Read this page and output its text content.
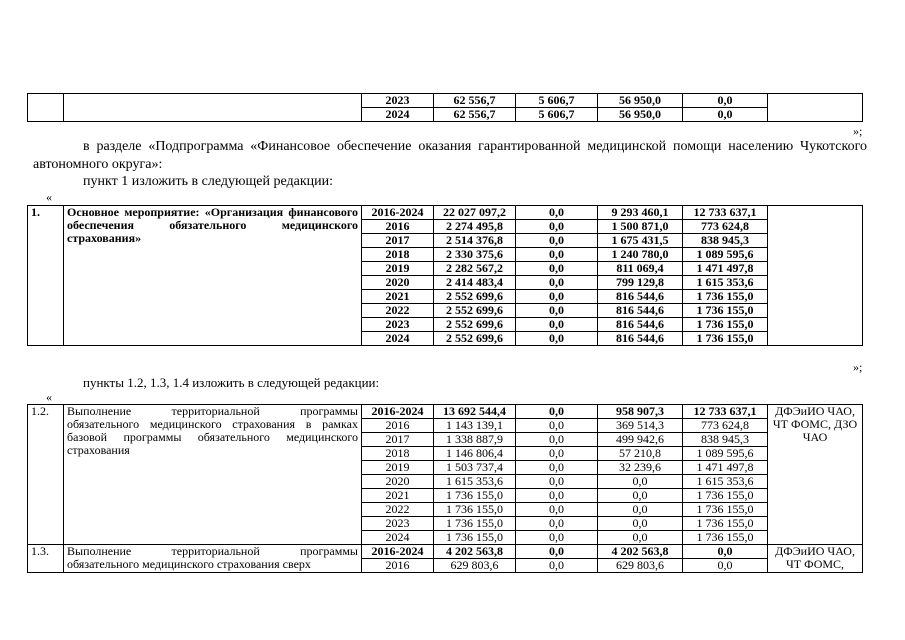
		2023	62 556,7	5 606,7	56 950,0	0,0	
		2024	62 556,7	5 606,7	56 950,0	0,0	
»;
в разделе «Подпрограмма «Финансовое обеспечение оказания гарантированной медицинской помощи населению Чукотского автономного округа»:
пункт 1 изложить в следующей редакции:
«
1.	Основное мероприятие: «Организация финансового обеспечения обязательного медицинского страхования»	2016-2024	22 027 097,2	0,0	9 293 460,1	12 733 637,1	
		2016	2 274 495,8	0,0	1 500 871,0	773 624,8	
		2017	2 514 376,8	0,0	1 675 431,5	838 945,3	
		2018	2 330 375,6	0,0	1 240 780,0	1 089 595,6	
		2019	2 282 567,2	0,0	811 069,4	1 471 497,8	
		2020	2 414 483,4	0,0	799 129,8	1 615 353,6	
		2021	2 552 699,6	0,0	816 544,6	1 736 155,0	
		2022	2 552 699,6	0,0	816 544,6	1 736 155,0	
		2023	2 552 699,6	0,0	816 544,6	1 736 155,0	
		2024	2 552 699,6	0,0	816 544,6	1 736 155,0	
»;
пункты 1.2, 1.3, 1.4 изложить в следующей редакции:
«
1.2.	Выполнение территориальной программы обязательного медицинского страхования в рамках базовой программы обязательного медицинского страхования	2016-2024	13 692 544,4	0,0	958 907,3	12 733 637,1	ДФЭиИО ЧАО, ЧТ ФОМС, ДЗО ЧАО
		2016	1 143 139,1	0,0	369 514,3	773 624,8	
		2017	1 338 887,9	0,0	499 942,6	838 945,3	
		2018	1 146 806,4	0,0	57 210,8	1 089 595,6	
		2019	1 503 737,4	0,0	32 239,6	1 471 497,8	
		2020	1 615 353,6	0,0	0,0	1 615 353,6	
		2021	1 736 155,0	0,0	0,0	1 736 155,0	
		2022	1 736 155,0	0,0	0,0	1 736 155,0	
		2023	1 736 155,0	0,0	0,0	1 736 155,0	
		2024	1 736 155,0	0,0	0,0	1 736 155,0	
1.3.	Выполнение территориальной программы обязательного медицинского страхования сверх	2016-2024	4 202 563,8	0,0	4 202 563,8	0,0	ДФЭиИО ЧАО, ЧТ ФОМС,
		2016	629 803,6	0,0	629 803,6	0,0	
